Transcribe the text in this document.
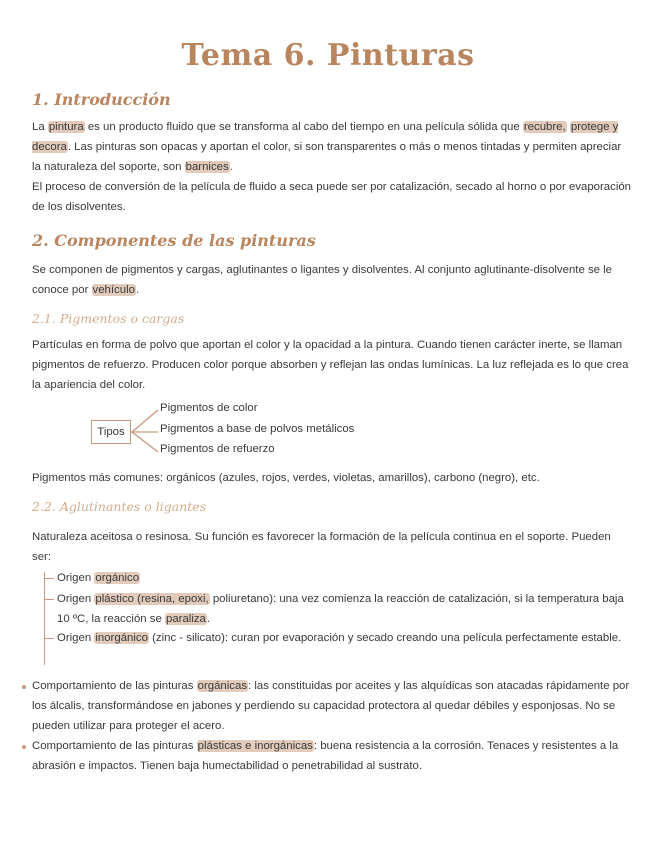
Tema 6. Pinturas
1. Introducción
La pintura es un producto fluido que se transforma al cabo del tiempo en una película sólida que recubre, protege y decora. Las pinturas son opacas y aportan el color, si son transparentes o más o menos tintadas y permiten apreciar la naturaleza del soporte, son barnices.
El proceso de conversión de la película de fluido a seca puede ser por catalización, secado al horno o por evaporación de los disolventes.
2. Componentes de las pinturas
Se componen de pigmentos y cargas, aglutinantes o ligantes y disolventes. Al conjunto aglutinante-disolvente se le conoce por vehículo.
2.1. Pigmentos o cargas
Partículas en forma de polvo que aportan el color y la opacidad a la pintura. Cuando tienen carácter inerte, se llaman pigmentos de refuerzo. Producen color porque absorben y reflejan las ondas lumínicas. La luz reflejada es lo que crea la apariencia del color.
Tipos
Pigmentos de color
Pigmentos a base de polvos metálicos
Pigmentos de refuerzo
Pigmentos más comunes: orgánicos (azules, rojos, verdes, violetas, amarillos), carbono (negro), etc.
2.2. Aglutinantes o ligantes
Naturaleza aceitosa o resinosa. Su función es favorecer la formación de la película continua en el soporte. Pueden ser:
Origen orgánico
Origen plástico (resina, epoxi, poliuretano): una vez comienza la reacción de catalización, si la temperatura baja 10 ºC, la reacción se paraliza.
Origen inorgánico (zinc - silicato): curan por evaporación y secado creando una película perfectamente estable.
Comportamiento de las pinturas orgánicas: las constituidas por aceites y las alquídicas son atacadas rápidamente por los álcalis, transformándose en jabones y perdiendo su capacidad protectora al quedar débiles y esponjosas. No se pueden utilizar para proteger el acero.
Comportamiento de las pinturas plásticas e inorgánicas: buena resistencia a la corrosión. Tenaces y resistentes a la abrasión e impactos. Tienen baja humectabilidad o penetrabilidad al sustrato.
